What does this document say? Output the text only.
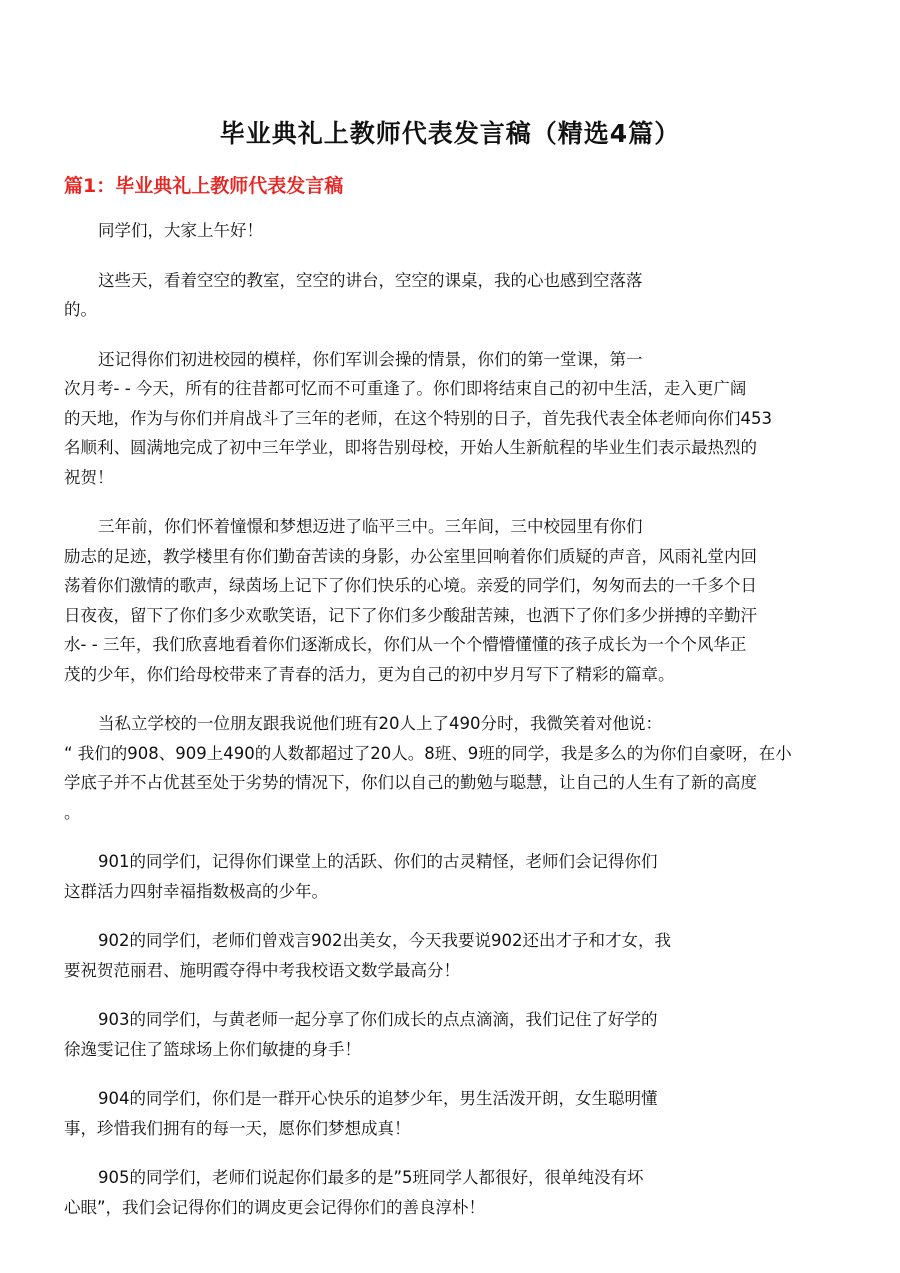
毕业典礼上教师代表发言稿（精选4篇）
篇1：毕业典礼上教师代表发言稿

同学们，大家上午好！

这些天，看着空空的教室，空空的讲台，空空的课桌，我的心也感到空落落
的。

还记得你们初进校园的模样，你们军训会操的情景，你们的第一堂课，第一
次月考- - 今天，所有的往昔都可忆而不可重逢了。你们即将结束自己的初中生活，走入更广阔
的天地，作为与你们并肩战斗了三年的老师，在这个特别的日子，首先我代表全体老师向你们453
名顺利、圆满地完成了初中三年学业，即将告别母校，开始人生新航程的毕业生们表示最热烈的
祝贺！

三年前，你们怀着憧憬和梦想迈进了临平三中。三年间，三中校园里有你们
励志的足迹，教学楼里有你们勤奋苦读的身影，办公室里回响着你们质疑的声音，风雨礼堂内回
荡着你们激情的歌声，绿茵场上记下了你们快乐的心境。亲爱的同学们，匆匆而去的一千多个日
日夜夜，留下了你们多少欢歌笑语，记下了你们多少酸甜苦辣，也洒下了你们多少拼搏的辛勤汗
水- - 三年，我们欣喜地看着你们逐渐成长，你们从一个个懵懵懂懂的孩子成长为一个个风华正
茂的少年，你们给母校带来了青春的活力，更为自己的初中岁月写下了精彩的篇章。

当私立学校的一位朋友跟我说他们班有20人上了490分时，我微笑着对他说：
“ 我们的908、909上490的人数都超过了20人。8班、9班的同学，我是多么的为你们自豪呀，在小
学底子并不占优甚至处于劣势的情况下，你们以自己的勤勉与聪慧，让自己的人生有了新的高度
。

901的同学们，记得你们课堂上的活跃、你们的古灵精怪，老师们会记得你们
这群活力四射幸福指数极高的少年。

902的同学们，老师们曾戏言902出美女，今天我要说902还出才子和才女，我
要祝贺范丽君、施明霞夺得中考我校语文数学最高分！

903的同学们，与黄老师一起分享了你们成长的点点滴滴，我们记住了好学的
徐逸雯记住了篮球场上你们敏捷的身手！

904的同学们，你们是一群开心快乐的追梦少年，男生活泼开朗，女生聪明懂
事，珍惜我们拥有的每一天，愿你们梦想成真！

905的同学们，老师们说起你们最多的是”5班同学人都很好，很单纯没有坏
心眼”，我们会记得你们的调皮更会记得你们的善良淳朴！
